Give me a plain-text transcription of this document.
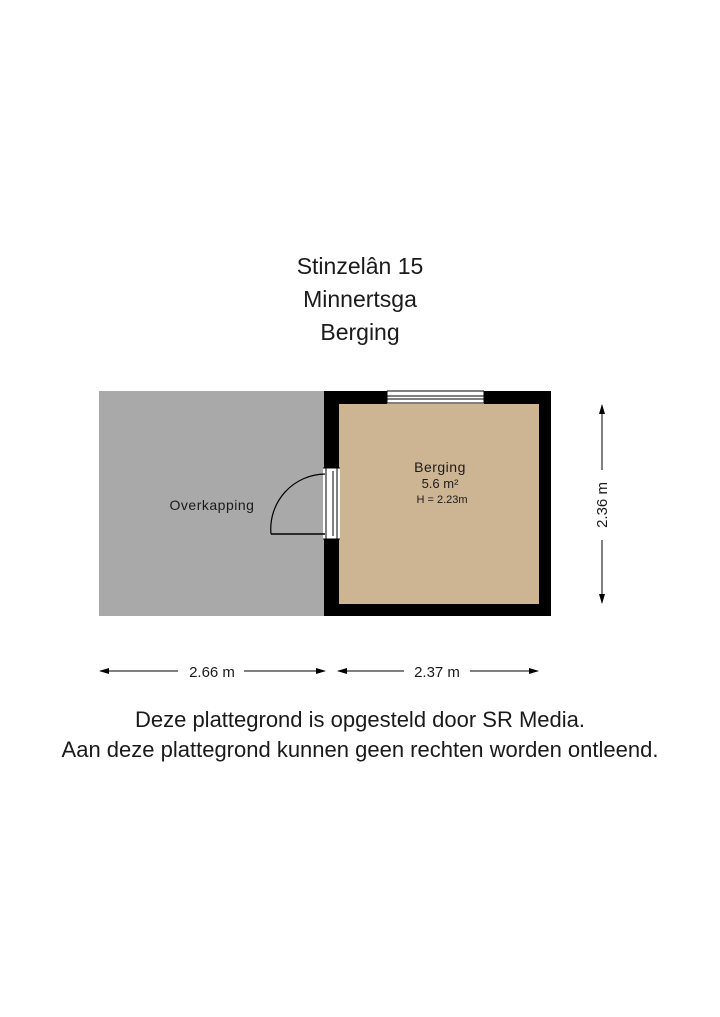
Stinzelân 15
Minnertsga
Berging
2.66 m	2.37 m
2.36 m
Overkapping
Berging
5.6 m²
H = 2.23m
Deze plattegrond is opgesteld door SR Media.
Aan deze plattegrond kunnen geen rechten worden ontleend.
